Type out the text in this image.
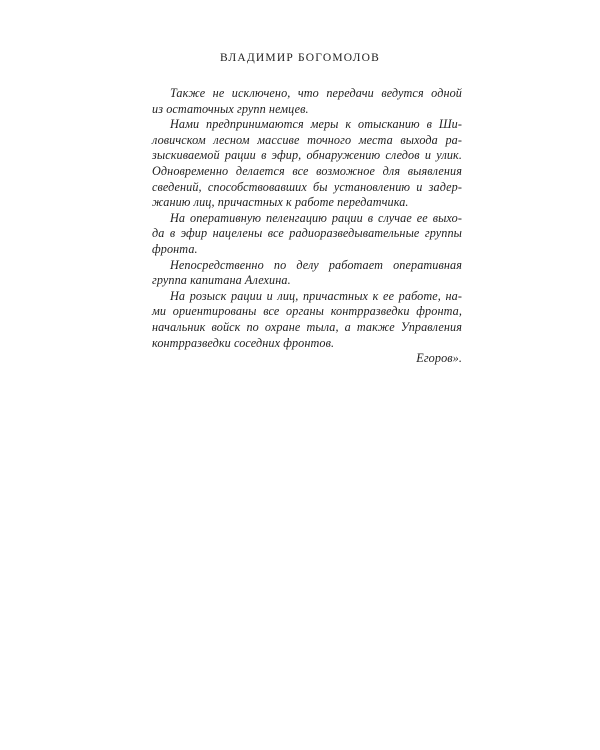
ВЛАДИМИР БОГОМОЛОВ
Также не исключено, что передачи ведутся одной
из остаточных групп немцев.
Нами предпринимаются меры к отысканию в Ши-
ловичском лесном массиве точного места выхода ра-
зыскиваемой рации в эфир, обнаружению следов и улик.
Одновременно делается все возможное для выявления
сведений, способствовавших бы установлению и задер-
жанию лиц, причастных к работе передатчика.
На оперативную пеленгацию рации в случае ее выхо-
да в эфир нацелены все радиоразведывательные группы
фронта.
Непосредственно по делу работает оперативная
группа капитана Алехина.
На розыск рации и лиц, причастных к ее работе, на-
ми ориентированы все органы контрразведки фронта,
начальник войск по охране тыла, а также Управления
контрразведки соседних фронтов.
Егоров».
